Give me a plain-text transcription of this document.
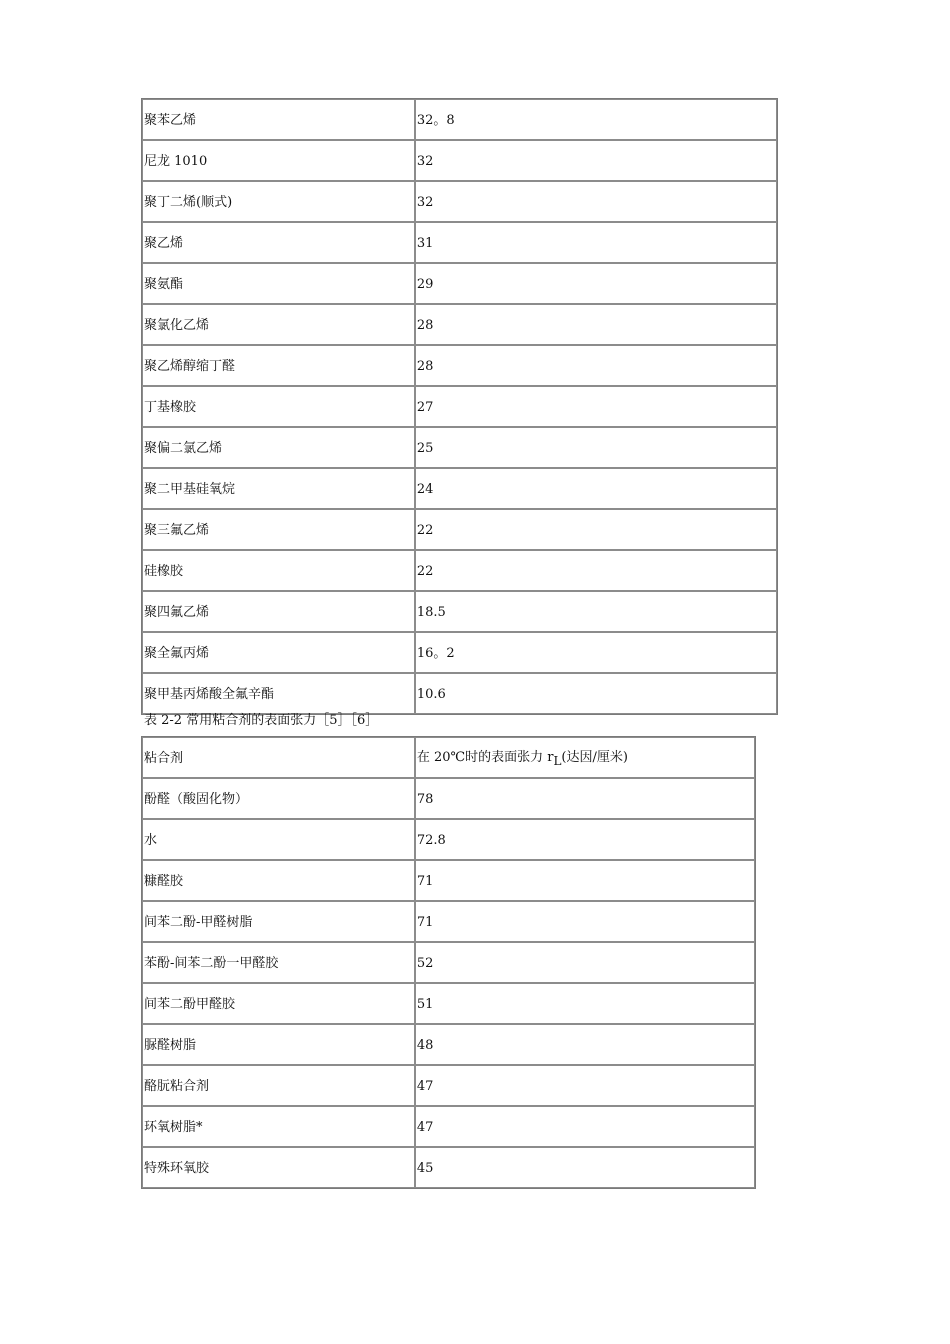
聚苯乙烯	32。8
尼龙 1010	32
聚丁二烯(顺式)	32
聚乙烯	31
聚氨酯	29
聚氯化乙烯	28
聚乙烯醇缩丁醛	28
丁基橡胶	27
聚偏二氯乙烯	25
聚二甲基硅氧烷	24
聚三氟乙烯	22
硅橡胶	22
聚四氟乙烯	18.5
聚全氟丙烯	16。2
聚甲基丙烯酸全氟辛酯	10.6
表 2-2 常用粘合剂的表面张力［5］［6］
粘合剂	在 20℃时的表面张力 rL(达因/厘米)
酚醛（酸固化物）	78
水	72.8
糠醛胶	71
间苯二酚-甲醛树脂	71
苯酚-间苯二酚一甲醛胶	52
间苯二酚甲醛胶	51
脲醛树脂	48
酪朊粘合剂	47
环氧树脂*	47
特殊环氧胶	45
